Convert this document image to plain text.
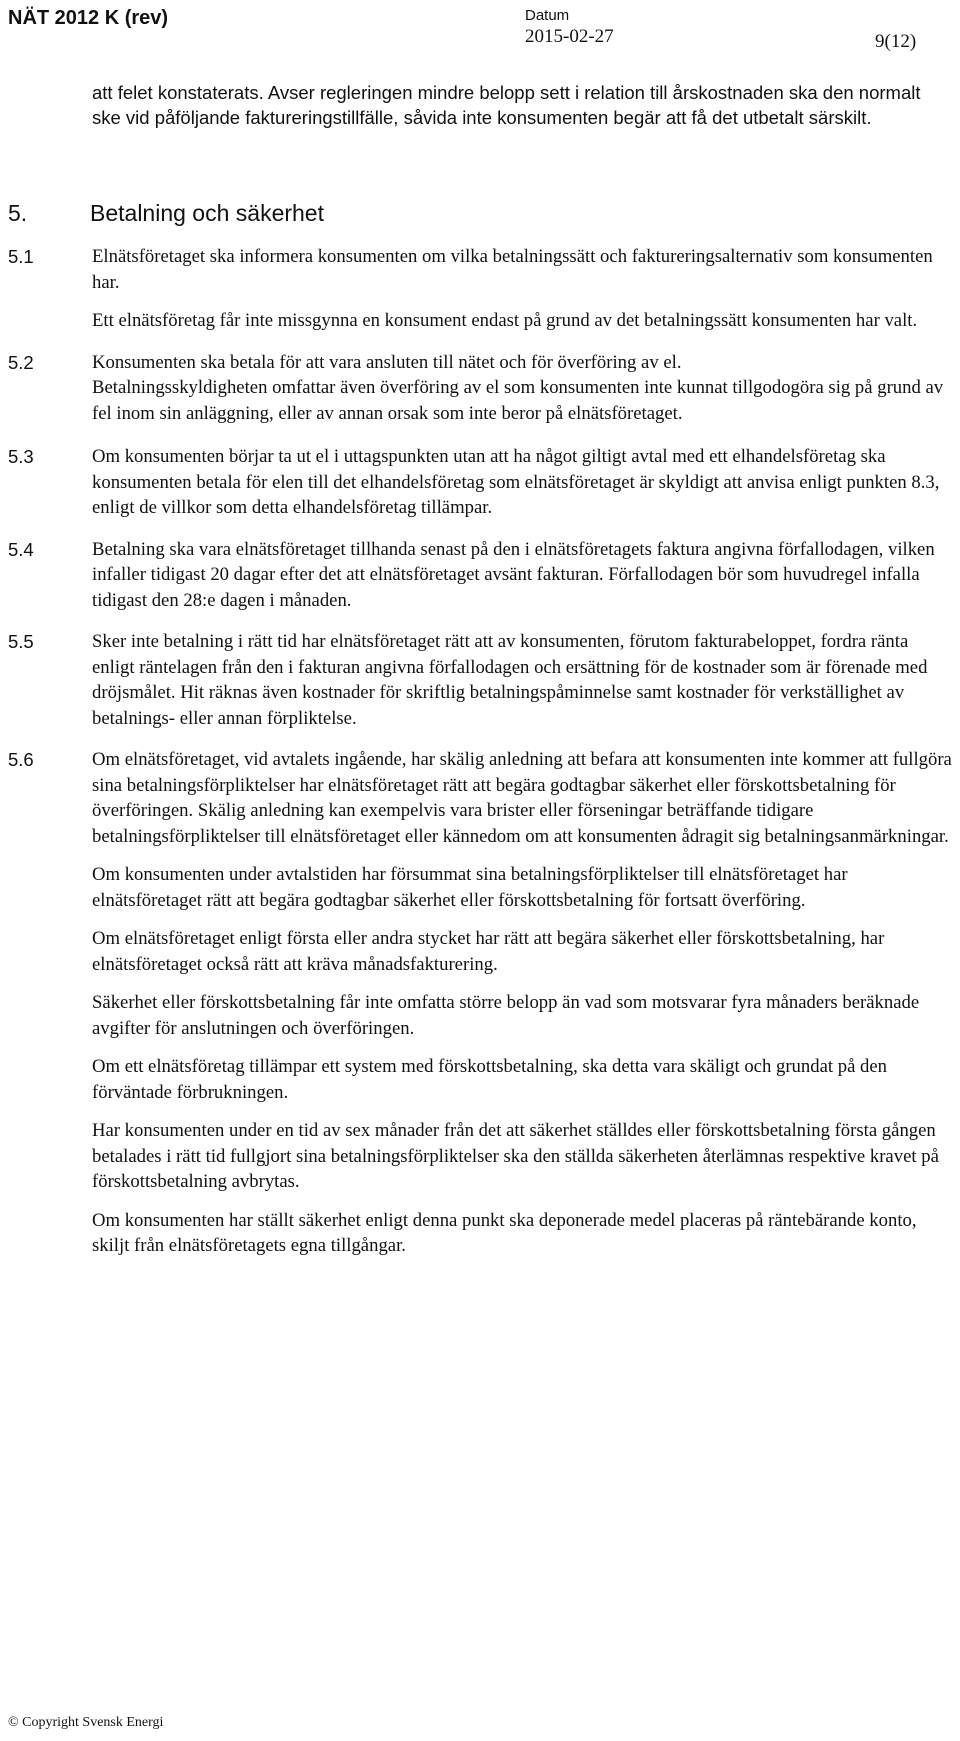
NÄT 2012 K (rev)	Datum
2015-02-27	9(12)

att felet konstaterats. Avser regleringen mindre belopp sett i relation till årskostnaden ska den normalt ske vid påföljande faktureringstillfälle, såvida inte konsumenten begär att få det utbetalt särskilt.

5.	Betalning och säkerhet
5.1	Elnätsföretaget ska informera konsumenten om vilka betalningssätt och faktureringsalternativ som konsumenten har.

Ett elnätsföretag får inte missgynna en konsument endast på grund av det betalningssätt konsumenten har valt.

5.2	Konsumenten ska betala för att vara ansluten till nätet och för överföring av el.

Betalningsskyldigheten omfattar även överföring av el som konsumenten inte kunnat tillgodogöra sig på grund av fel inom sin anläggning, eller av annan orsak som inte beror på elnätsföretaget.

5.3	Om konsumenten börjar ta ut el i uttagspunkten utan att ha något giltigt avtal med ett elhandelsföretag ska konsumenten betala för elen till det elhandelsföretag som elnätsföretaget är skyldigt att anvisa enligt punkten 8.3, enligt de villkor som detta elhandelsföretag tillämpar.

5.4	Betalning ska vara elnätsföretaget tillhanda senast på den i elnätsföretagets faktura angivna förfallodagen, vilken infaller tidigast 20 dagar efter det att elnätsföretaget avsänt fakturan. Förfallodagen bör som huvudregel infalla tidigast den 28:e dagen i månaden.

5.5	Sker inte betalning i rätt tid har elnätsföretaget rätt att av konsumenten, förutom fakturabeloppet, fordra ränta enligt räntelagen från den i fakturan angivna förfallodagen och ersättning för de kostnader som är förenade med dröjsmålet. Hit räknas även kostnader för skriftlig betalningspåminnelse samt kostnader för verkställighet av betalnings- eller annan förpliktelse.

5.6	Om elnätsföretaget, vid avtalets ingående, har skälig anledning att befara att konsumenten inte kommer att fullgöra sina betalningsförpliktelser har elnätsföretaget rätt att begära godtagbar säkerhet eller förskottsbetalning för överföringen. Skälig anledning kan exempelvis vara brister eller förseningar beträffande tidigare betalningsförpliktelser till elnätsföretaget eller kännedom om att konsumenten ådragit sig betalningsanmärkningar.

Om konsumenten under avtalstiden har försummat sina betalningsförpliktelser till elnätsföretaget har elnätsföretaget rätt att begära godtagbar säkerhet eller förskottsbetalning för fortsatt överföring.

Om elnätsföretaget enligt första eller andra stycket har rätt att begära säkerhet eller förskottsbetalning, har elnätsföretaget också rätt att kräva månadsfakturering.

Säkerhet eller förskottsbetalning får inte omfatta större belopp än vad som motsvarar fyra månaders beräknade avgifter för anslutningen och överföringen.

Om ett elnätsföretag tillämpar ett system med förskottsbetalning, ska detta vara skäligt och grundat på den förväntade förbrukningen.

Har konsumenten under en tid av sex månader från det att säkerhet ställdes eller förskottsbetalning första gången betalades i rätt tid fullgjort sina betalningsförpliktelser ska den ställda säkerheten återlämnas respektive kravet på förskottsbetalning avbrytas.

Om konsumenten har ställt säkerhet enligt denna punkt ska deponerade medel placeras på räntebärande konto, skiljt från elnätsföretagets egna tillgångar.

© Copyright Svensk Energi
